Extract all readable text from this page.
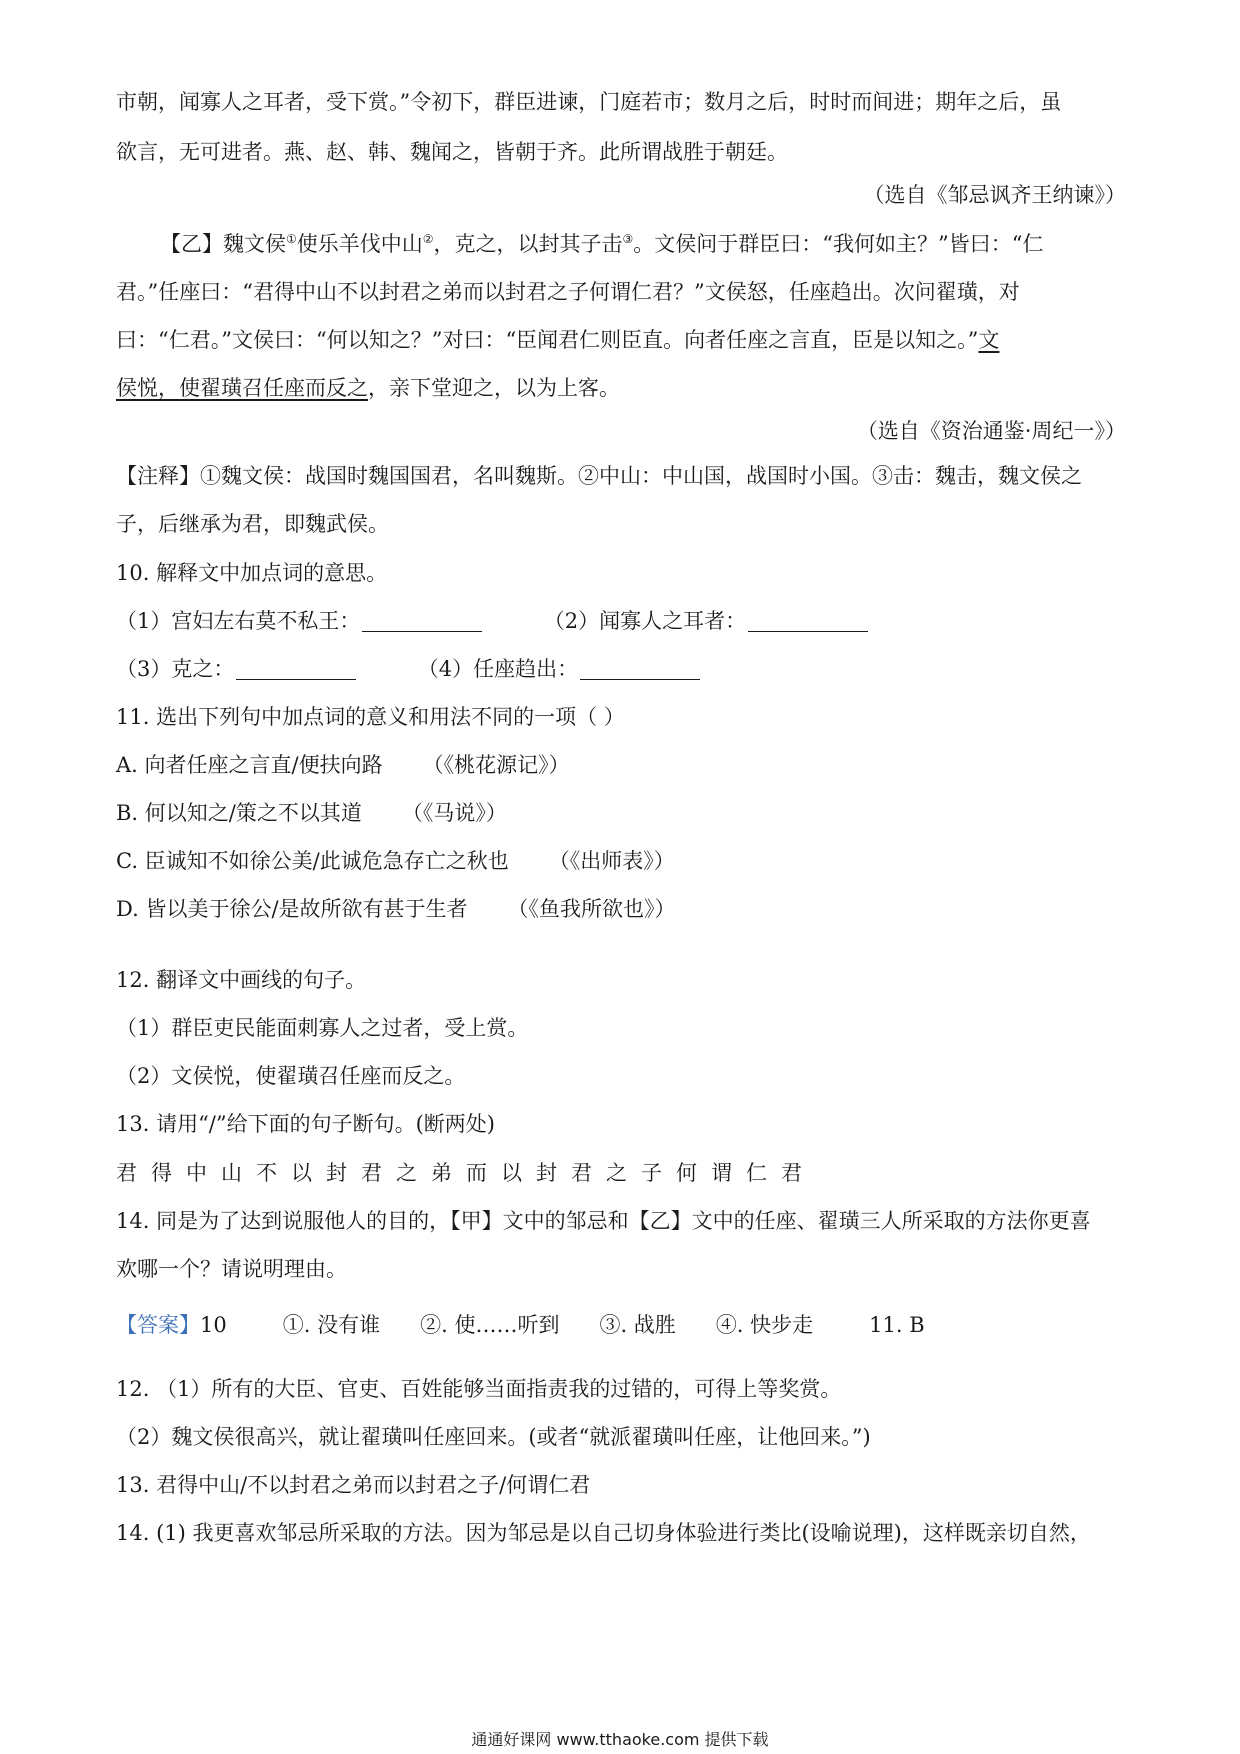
市朝，闻寡人之耳者，受下赏。”令初下，群臣进谏，门庭若市；数月之后，时时而间进；期年之后，虽
欲言，无可进者。燕、赵、韩、魏闻之，皆朝于齐。此所谓战胜于朝廷。
（选自《邹忌讽齐王纳谏》）
【乙】魏文侯①使乐羊伐中山②，克之，以封其子击③。文侯问于群臣曰：“我何如主？”皆曰：“仁
君。”任座曰：“君得中山不以封君之弟而以封君之子何谓仁君？”文侯怒，任座趋出。次问翟璜，对
曰：“仁君。”文侯曰：“何以知之？”对曰：“臣闻君仁则臣直。向者任座之言直，臣是以知之。”文
侯悦，使翟璜召任座而反之，亲下堂迎之，以为上客。
（选自《资治通鉴·周纪一》）
【注释】①魏文侯：战国时魏国国君，名叫魏斯。②中山：中山国，战国时小国。③击：魏击，魏文侯之
子，后继承为君，即魏武侯。
10. 解释文中加点词的意思。
（1）宫妇左右莫不私王：	（2）闻寡人之耳者：
（3）克之：	（4）任座趋出：
11. 选出下列句中加点词的意义和用法不同的一项（ ）
A. 向者任座之言直/便扶向路 （《桃花源记》）
B. 何以知之/策之不以其道 （《马说》）
C. 臣诚知不如徐公美/此诚危急存亡之秋也 （《出师表》）
D. 皆以美于徐公/是故所欲有甚于生者 （《鱼我所欲也》）
12. 翻译文中画线的句子。
（1）群臣吏民能面刺寡人之过者，受上赏。
（2）文侯悦，使翟璜召任座而反之。
13. 请用“/”给下面的句子断句。(断两处)
君得中山不以封君之弟而以封君之子何谓仁君
14. 同是为了达到说服他人的目的，【甲】文中的邹忌和【乙】文中的任座、翟璜三人所采取的方法你更喜
欢哪一个？请说明理由。
【答案】10	①. 没有谁 ②. 使……听到 ③. 战胜 ④. 快步走	11. B
12. （1）所有的大臣、官吏、百姓能够当面指责我的过错的，可得上等奖赏。
（2）魏文侯很高兴，就让翟璜叫任座回来。(或者“就派翟璜叫任座，让他回来。”)
13. 君得中山/不以封君之弟而以封君之子/何谓仁君
14. (1) 我更喜欢邹忌所采取的方法。因为邹忌是以自己切身体验进行类比(设喻说理)，这样既亲切自然，
通通好课网 www.tthaoke.com 提供下载
